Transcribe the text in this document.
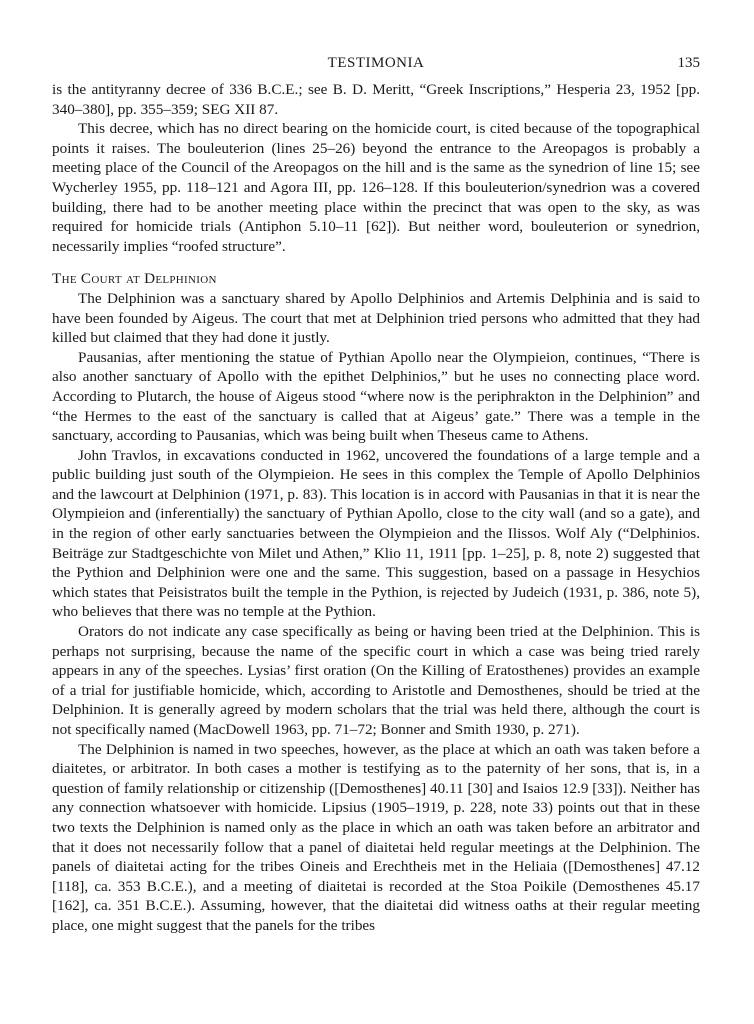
TESTIMONIA	135

is the antityranny decree of 336 B.C.E.; see B. D. Meritt, “Greek Inscriptions,” Hesperia 23, 1952 [pp. 340–380], pp. 355–359; SEG XII 87.

This decree, which has no direct bearing on the homicide court, is cited because of the topographical points it raises. The bouleuterion (lines 25–26) beyond the entrance to the Areopagos is probably a meeting place of the Council of the Areopagos on the hill and is the same as the synedrion of line 15; see Wycherley 1955, pp. 118–121 and Agora III, pp. 126–128. If this bouleuterion/synedrion was a covered building, there had to be another meeting place within the precinct that was open to the sky, as was required for homicide trials (Antiphon 5.10–11 [62]). But neither word, bouleuterion or synedrion, necessarily implies “roofed structure”.

The Court at Delphinion

The Delphinion was a sanctuary shared by Apollo Delphinios and Artemis Delphinia and is said to have been founded by Aigeus. The court that met at Delphinion tried persons who admitted that they had killed but claimed that they had done it justly.

Pausanias, after mentioning the statue of Pythian Apollo near the Olympieion, continues, “There is also another sanctuary of Apollo with the epithet Delphinios,” but he uses no connecting place word. According to Plutarch, the house of Aigeus stood “where now is the periphrakton in the Delphinion” and “the Hermes to the east of the sanctuary is called that at Aigeus’ gate.” There was a temple in the sanctuary, according to Pausanias, which was being built when Theseus came to Athens.

John Travlos, in excavations conducted in 1962, uncovered the foundations of a large temple and a public building just south of the Olympieion. He sees in this complex the Temple of Apollo Delphinios and the lawcourt at Delphinion (1971, p. 83). This location is in accord with Pausanias in that it is near the Olympieion and (inferentially) the sanctuary of Pythian Apollo, close to the city wall (and so a gate), and in the region of other early sanctuaries between the Olympieion and the Ilissos. Wolf Aly (“Delphinios. Beiträge zur Stadtgeschichte von Milet und Athen,” Klio 11, 1911 [pp. 1–25], p. 8, note 2) suggested that the Pythion and Delphinion were one and the same. This suggestion, based on a passage in Hesychios which states that Peisistratos built the temple in the Pythion, is rejected by Judeich (1931, p. 386, note 5), who believes that there was no temple at the Pythion.

Orators do not indicate any case specifically as being or having been tried at the Delphinion. This is perhaps not surprising, because the name of the specific court in which a case was being tried rarely appears in any of the speeches. Lysias’ first oration (On the Killing of Eratosthenes) provides an example of a trial for justifiable homicide, which, according to Aristotle and Demosthenes, should be tried at the Delphinion. It is generally agreed by modern scholars that the trial was held there, although the court is not specifically named (MacDowell 1963, pp. 71–72; Bonner and Smith 1930, p. 271).

The Delphinion is named in two speeches, however, as the place at which an oath was taken before a diaitetes, or arbitrator. In both cases a mother is testifying as to the paternity of her sons, that is, in a question of family relationship or citizenship ([Demosthenes] 40.11 [30] and Isaios 12.9 [33]). Neither has any connection whatsoever with homicide. Lipsius (1905–1919, p. 228, note 33) points out that in these two texts the Delphinion is named only as the place in which an oath was taken before an arbitrator and that it does not necessarily follow that a panel of diaitetai held regular meetings at the Delphinion. The panels of diaitetai acting for the tribes Oineis and Erechtheis met in the Heliaia ([Demosthenes] 47.12 [118], ca. 353 B.C.E.), and a meeting of diaitetai is recorded at the Stoa Poikile (Demosthenes 45.17 [162], ca. 351 B.C.E.). Assuming, however, that the diaitetai did witness oaths at their regular meeting place, one might suggest that the panels for the tribes
